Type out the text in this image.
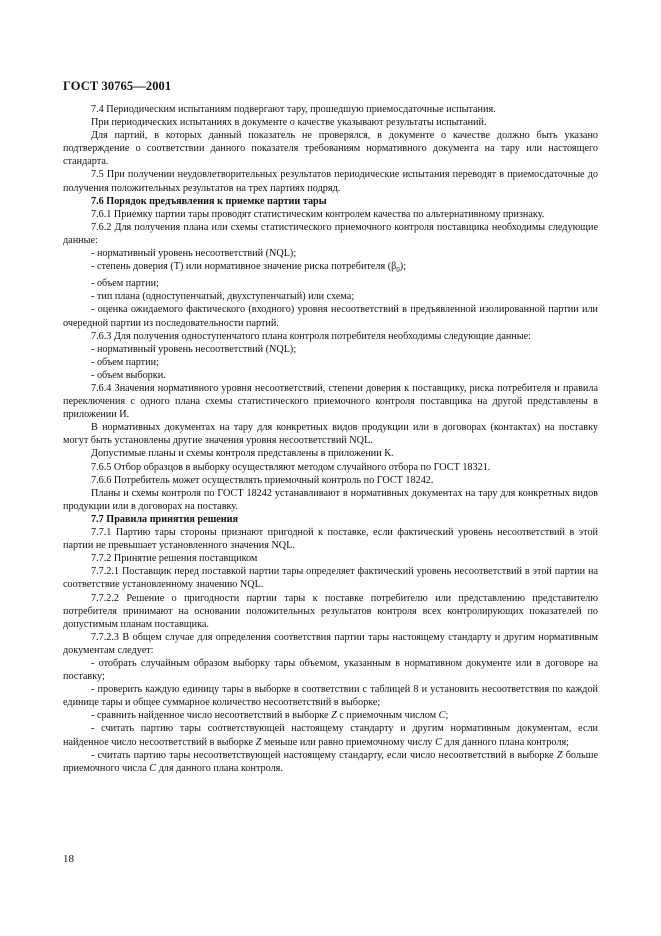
ГОСТ 30765—2001

7.4 Периодическим испытаниям подвергают тару, прошедшую приемосдаточные испытания.

При периодических испытаниях в документе о качестве указывают результаты испытаний.

Для партий, в которых данный показатель не проверялся, в документе о качестве должно быть указано подтверждение о соответствии данного показателя требованиям нормативного документа на тару или настоящего стандарта.

7.5 При получении неудовлетворительных результатов периодические испытания переводят в приемосдаточные до получения положительных результатов на трех партиях подряд.

7.6 Порядок предъявления к приемке партии тары

7.6.1 Приемку партии тары проводят статистическим контролем качества по альтернативному признаку.

7.6.2 Для получения плана или схемы статистического приемочного контроля поставщика необходимы следующие данные:

- нормативный уровень несоответствий (NQL);

- степень доверия (Т) или нормативное значение риска потребителя $(\beta_0)$;

- объем партии;

- тип плана (одноступенчатый, двухступенчатый) или схема;

- оценка ожидаемого фактического (входного) уровня несоответствий в предъявленной изолированной партии или очередной партии из последовательности партий.

7.6.3 Для получения одноступенчатого плана контроля потребителя необходимы следующие данные:

- нормативный уровень несоответствий (NQL);

- объем партии;

- объем выборки.

7.6.4 Значения нормативного уровня несоответствий, степени доверия к поставщику, риска потребителя и правила переключения с одного плана схемы статистического приемочного контроля поставщика на другой представлены в приложении И.

В нормативных документах на тару для конкретных видов продукции или в договорах (контактах) на поставку могут быть установлены другие значения уровня несоответствий NQL.

Допустимые планы и схемы контроля представлены в приложении К.

7.6.5 Отбор образцов в выборку осуществляют методом случайного отбора по ГОСТ 18321.

7.6.6 Потребитель может осуществлять приемочный контроль по ГОСТ 18242.

Планы и схемы контроля по ГОСТ 18242 устанавливают в нормативных документах на тару для конкретных видов продукции или в договорах на поставку.

7.7 Правила принятия решения

7.7.1 Партию тары стороны признают пригодной к поставке, если фактический уровень несоответствий в этой партии не превышает установленного значения NQL.

7.7.2 Принятие решения поставщиком

7.7.2.1 Поставщик перед поставкой партии тары определяет фактический уровень несоответствий в этой партии на соответствие установленному значению NQL.

7.7.2.2 Решение о пригодности партии тары к поставке потребителю или представлению представителю потребителя принимают на основании положительных результатов контроля всех контролирующих показателей по допустимым планам поставщика.

7.7.2.3 В общем случае для определения соответствия партии тары настоящему стандарту и другим нормативным документам следует:

- отобрать случайным образом выборку тары объемом, указанным в нормативном документе или в договоре на поставку;

- проверить каждую единицу тары в выборке в соответствии с таблицей 8 и установить несоответствия по каждой единице тары и общее суммарное количество несоответствий в выборке;

- сравнить найденное число несоответствий в выборке Z с приемочным числом C;

- считать партию тары соответствующей настоящему стандарту и другим нормативным документам, если найденное число несоответствий в выборке Z меньше или равно приемочному числу C для данного плана контроля;

- считать партию тары несоответствующей настоящему стандарту, если число несоответствий в выборке Z больше приемочного числа C для данного плана контроля.

18
